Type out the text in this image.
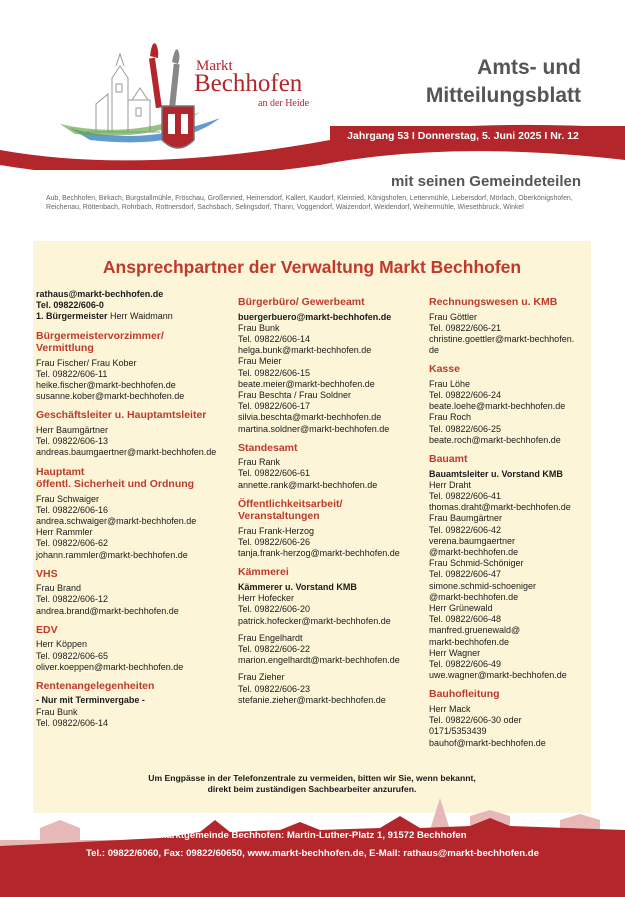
Markt
Bechhofen
an der Heide
Amts- und
Mitteilungsblatt
Jahrgang 53 I Donnerstag, 5. Juni 2025 I Nr. 12
mit seinen Gemeindeteilen
Aub, Bechhofen, Birkach, Burgstallmühle, Fröschau, Großenried, Heinersdorf, Kallert, Kaudorf, Kleinried, Königshofen, Lettenmühle, Liebersdorf, Mörlach, Oberkönigshofen, Reichenau, Röttenbach, Rohrbach, Rottnersdorf, Sachsbach, Selingsdorf, Thann, Voggendorf, Waizendorf, Weidendorf, Weihermühle, Wiesethbruck, Winkel
Ansprechpartner der Verwaltung Markt Bechhofen
rathaus@markt-bechhofen.de
Tel. 09822/606-0
1. Bürgermeister Herr Waidmann
Bürgermeistervorzimmer/
Vermittlung
Frau Fischer/ Frau Kober
Tel. 09822/606-11
heike.fischer@markt-bechhofen.de
susanne.kober@markt-bechhofen.de
Geschäftsleiter u. Hauptamtsleiter
Herr Baumgärtner
Tel. 09822/606-13
andreas.baumgaertner@markt-bechhofen.de
Hauptamt
öffentl. Sicherheit und Ordnung
Frau Schwaiger
Tel. 09822/606-16
andrea.schwaiger@markt-bechhofen.de
Herr Rammler
Tel. 09822/606-62
johann.rammler@markt-bechhofen.de
VHS
Frau Brand
Tel. 09822/606-12
andrea.brand@markt-bechhofen.de
EDV
Herr Köppen
Tel. 09822/606-65
oliver.koeppen@markt-bechhofen.de
Rentenangelegenheiten
- Nur mit Terminvergabe -
Frau Bunk
Tel. 09822/606-14
Bürgerbüro/ Gewerbeamt
buergerbuero@markt-bechhofen.de
Frau Bunk
Tel. 09822/606-14
helga.bunk@markt-bechhofen.de
Frau Meier
Tel. 09822/606-15
beate.meier@markt-bechhofen.de
Frau Beschta / Frau Soldner
Tel. 09822/606-17
silvia.beschta@markt-bechhofen.de
martina.soldner@markt-bechhofen.de
Standesamt
Frau Rank
Tel. 09822/606-61
annette.rank@markt-bechhofen.de
Öffentlichkeitsarbeit/
Veranstaltungen
Frau Frank-Herzog
Tel. 09822/606-26
tanja.frank-herzog@markt-bechhofen.de
Kämmerei
Kämmerer u. Vorstand KMB
Herr Hofecker
Tel. 09822/606-20
patrick.hofecker@markt-bechhofen.de
Frau Engelhardt
Tel. 09822/606-22
marion.engelhardt@markt-bechhofen.de
Frau Zieher
Tel. 09822/606-23
stefanie.zieher@markt-bechhofen.de
Rechnungswesen u. KMB
Frau Göttler
Tel. 09822/606-21
christine.goettler@markt-bechhofen.
de
Kasse
Frau Löhe
Tel. 09822/606-24
beate.loehe@markt-bechhofen.de
Frau Roch
Tel. 09822/606-25
beate.roch@markt-bechhofen.de
Bauamt
Bauamtsleiter u. Vorstand KMB
Herr Draht
Tel. 09822/606-41
thomas.draht@markt-bechhofen.de
Frau Baumgärtner
Tel. 09822/606-42
verena.baumgaertner
@markt-bechhofen.de
Frau Schmid-Schöniger
Tel. 09822/606-47
simone.schmid-schoeniger
@markt-bechhofen.de
Herr Grünewald
Tel. 09822/606-48
manfred.gruenewald@
markt-bechhofen.de
Herr Wagner
Tel. 09822/606-49
uwe.wagner@markt-bechhofen.de
Bauhofleitung
Herr Mack
Tel. 09822/606-30 oder
0171/5353439
bauhof@markt-bechhofen.de
Um Engpässe in der Telefonzentrale zu vermeiden, bitten wir Sie, wenn bekannt,
direkt beim zuständigen Sachbearbeiter anzurufen.
Marktgemeinde Bechhofen: Martin-Luther-Platz 1, 91572 Bechhofen
Tel.: 09822/6060, Fax: 09822/60650, www.markt-bechhofen.de, E-Mail: rathaus@markt-bechhofen.de
